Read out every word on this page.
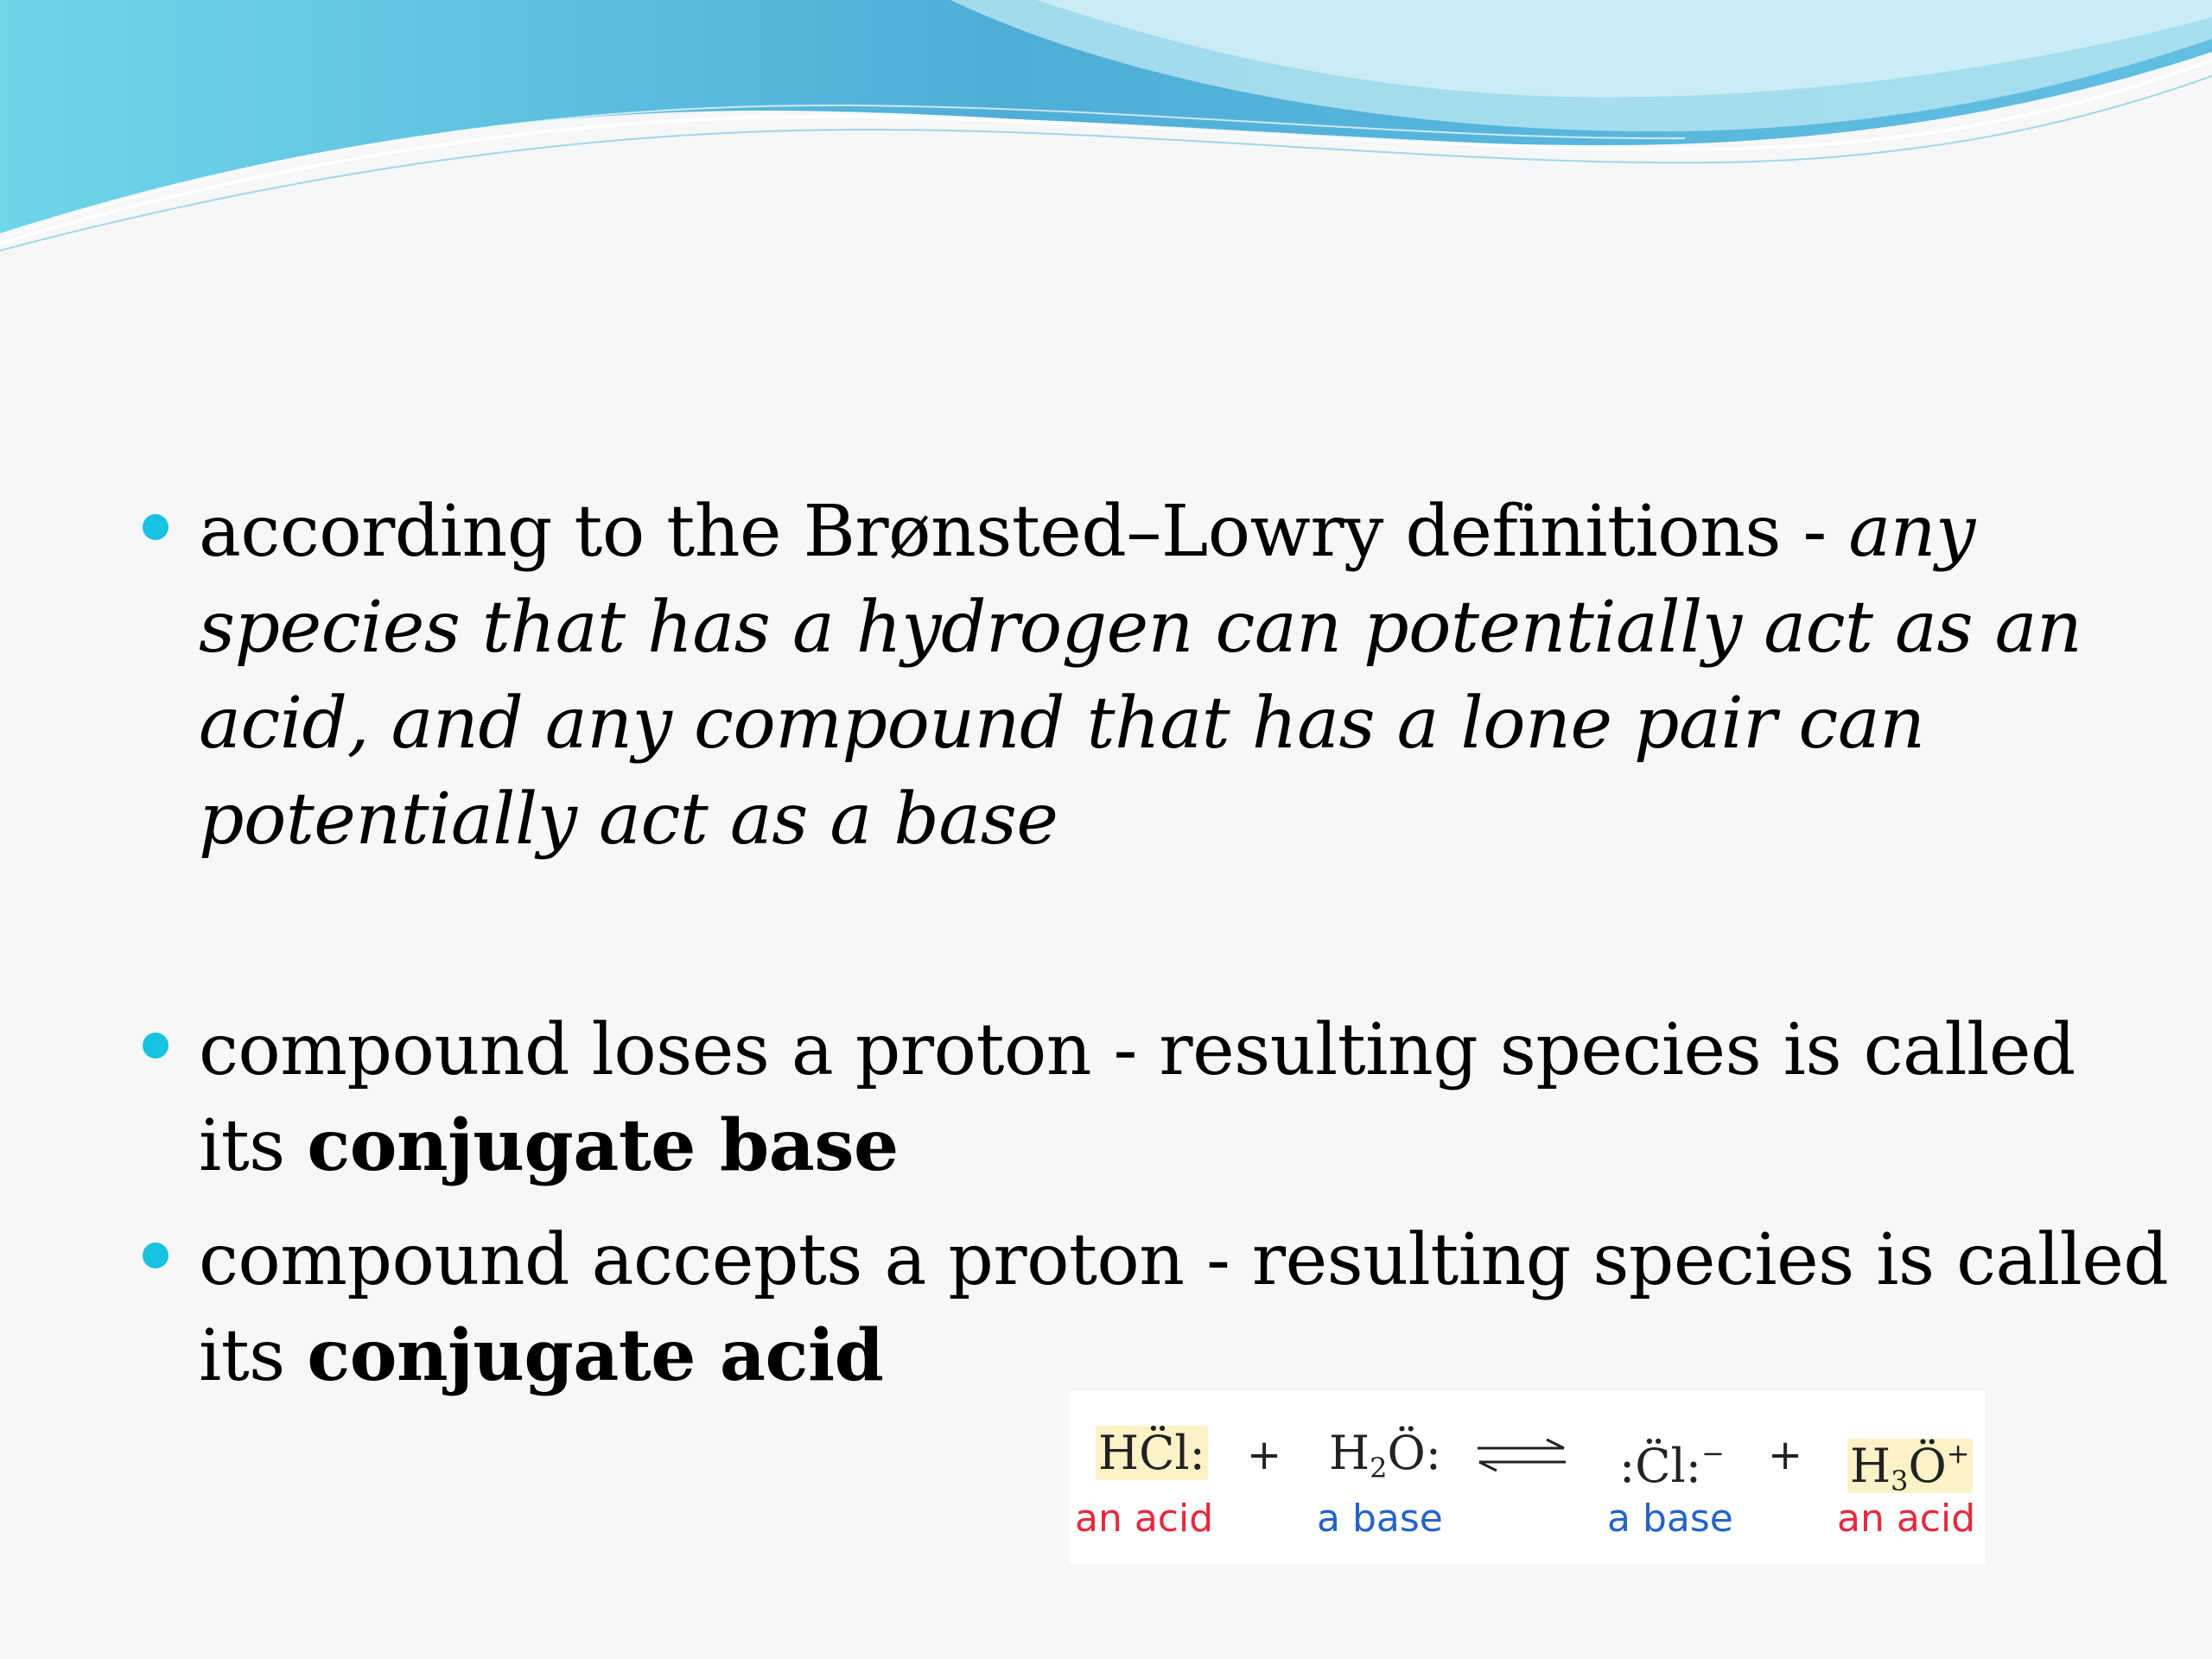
according to the Brønsted–Lowry definitions - any
species that has a hydrogen can potentially act as an
acid, and any compound that has a lone pair can
potentially act as a base
compound loses a proton - resulting species is called
its conjugate base
compound accepts a proton - resulting species is called
its conjugate acid
HC̈l: + $H_2Ö$:	:C̈l:− + $H_3Ö^+$
an acid	a base	a base	an acid
